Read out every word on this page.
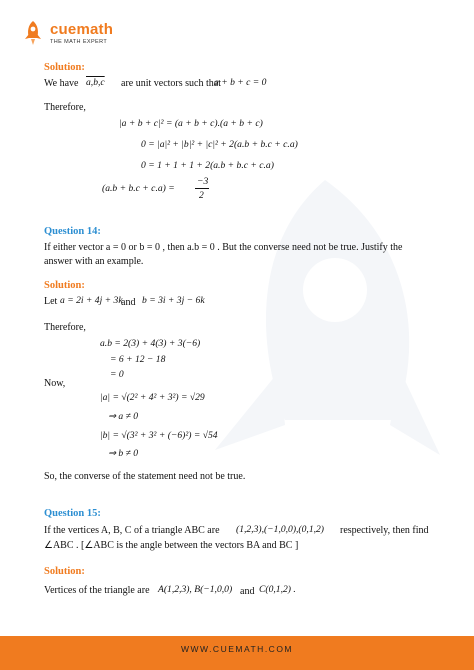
cuemath
THE MATH EXPERT
Solution:
We have a,b,c are unit vectors such that
a + b + c = 0
Therefore,
|a + b + c|² = (a + b + c).(a + b + c)
0 = |a|² + |b|² + |c|² + 2(a.b + b.c + c.a)
0 = 1 + 1 + 1 + 2(a.b + b.c + c.a)
(a.b + b.c + c.a) =
−3
2
Question 14:
If either vector a = 0 or b = 0 , then a.b = 0 . But the converse need not be true. Justify the
answer with an example.
Solution:
Let a = 2i + 4j + 3k
and b = 3i + 3j − 6k
Therefore,
a.b = 2(3) + 4(3) + 3(−6)
= 6 + 12 − 18
= 0
Now,
|a| = √(2² + 4² + 3²) = √29
⇒ a ≠ 0
|b| = √(3² + 3² + (−6)²) = √54
⇒ b ≠ 0
So, the converse of the statement need not be true.
Question 15:
If the vertices A, B, C of a triangle ABC are (1,2,3),(−1,0,0),(0,1,2) respectively, then find
∠ABC . [∠ABC is the angle between the vectors BA and BC ]
Solution:
Vertices of the triangle are A(1,2,3), B(−1,0,0) and C(0,1,2) .
WWW.CUEMATH.COM
